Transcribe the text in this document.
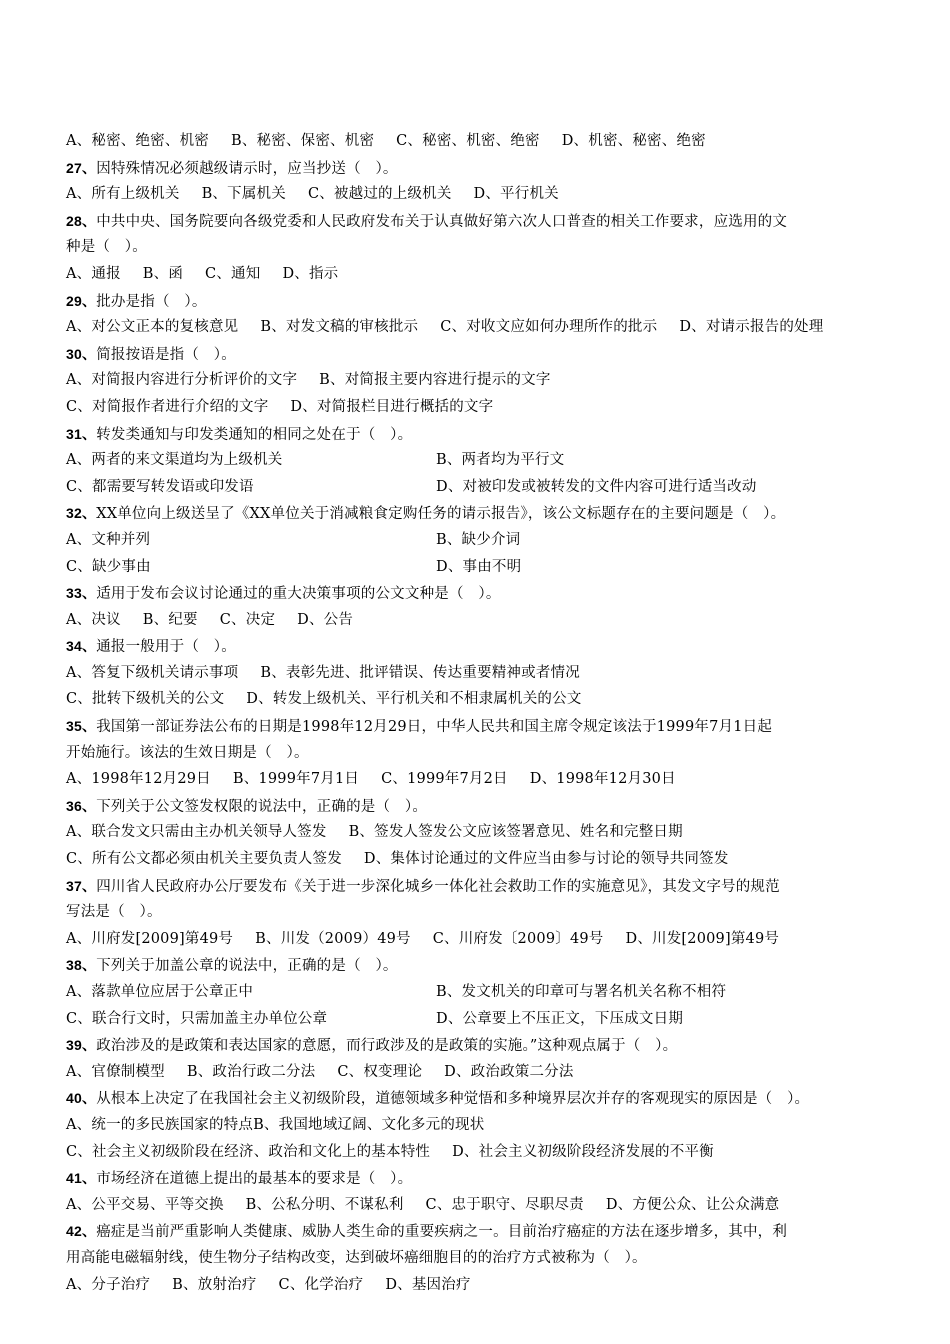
A、秘密、绝密、机密 B、秘密、保密、机密 C、秘密、机密、绝密 D、机密、秘密、绝密
27、因特殊情况必须越级请示时，应当抄送（　）。
A、所有上级机关 B、下属机关 C、被越过的上级机关 D、平行机关
28、中共中央、国务院要向各级党委和人民政府发布关于认真做好第六次人口普查的相关工作要求，应选用的文
种是（　）。
A、通报 B、函 C、通知 D、指示
29、批办是指（　）。
A、对公文正本的复核意见 B、对发文稿的审核批示 C、对收文应如何办理所作的批示 D、对请示报告的处理
30、简报按语是指（　）。
A、对简报内容进行分析评价的文字 B、对简报主要内容进行提示的文字
C、对简报作者进行介绍的文字 D、对简报栏目进行概括的文字
31、转发类通知与印发类通知的相同之处在于（　）。
A、两者的来文渠道均为上级机关	B、两者均为平行文
C、都需要写转发语或印发语	D、对被印发或被转发的文件内容可进行适当改动
32、XX单位向上级送呈了《XX单位关于消减粮食定购任务的请示报告》，该公文标题存在的主要问题是（　）。
A、文种并列	B、缺少介词
C、缺少事由	D、事由不明
33、适用于发布会议讨论通过的重大决策事项的公文文种是（　）。
A、决议 B、纪要 C、决定 D、公告
34、通报一般用于（　）。
A、答复下级机关请示事项 B、表彰先进、批评错误、传达重要精神或者情况
C、批转下级机关的公文 D、转发上级机关、平行机关和不相隶属机关的公文
35、我国第一部证券法公布的日期是1998年12月29日，中华人民共和国主席令规定该法于1999年7月1日起
开始施行。该法的生效日期是（　）。
A、1998年12月29日 B、1999年7月1日 C、1999年7月2日 D、1998年12月30日
36、下列关于公文签发权限的说法中，正确的是（　）。
A、联合发文只需由主办机关领导人签发 B、签发人签发公文应该签署意见、姓名和完整日期
C、所有公文都必须由机关主要负责人签发 D、集体讨论通过的文件应当由参与讨论的领导共同签发
37、四川省人民政府办公厅要发布《关于进一步深化城乡一体化社会救助工作的实施意见》，其发文字号的规范
写法是（　）。
A、川府发[2009]第49号 B、川发（2009）49号 C、川府发〔2009〕49号 D、川发[2009]第49号
38、下列关于加盖公章的说法中，正确的是（　）。
A、落款单位应居于公章正中	B、发文机关的印章可与署名机关名称不相符
C、联合行文时，只需加盖主办单位公章	D、公章要上不压正文，下压成文日期
39、政治涉及的是政策和表达国家的意愿，而行政涉及的是政策的实施。”这种观点属于（　）。
A、官僚制模型 B、政治行政二分法 C、权变理论 D、政治政策二分法
40、从根本上决定了在我国社会主义初级阶段，道德领域多种觉悟和多种境界层次并存的客观现实的原因是（　）。
A、统一的多民族国家的特点B、我国地域辽阔、文化多元的现状
C、社会主义初级阶段在经济、政治和文化上的基本特性 D、社会主义初级阶段经济发展的不平衡
41、市场经济在道德上提出的最基本的要求是（　）。
A、公平交易、平等交换 B、公私分明、不谋私利 C、忠于职守、尽职尽责 D、方便公众、让公众满意
42、癌症是当前严重影响人类健康、威胁人类生命的重要疾病之一。目前治疗癌症的方法在逐步增多，其中，利
用高能电磁辐射线，使生物分子结构改变，达到破坏癌细胞目的的治疗方式被称为（　）。
A、分子治疗 B、放射治疗 C、化学治疗 D、基因治疗
